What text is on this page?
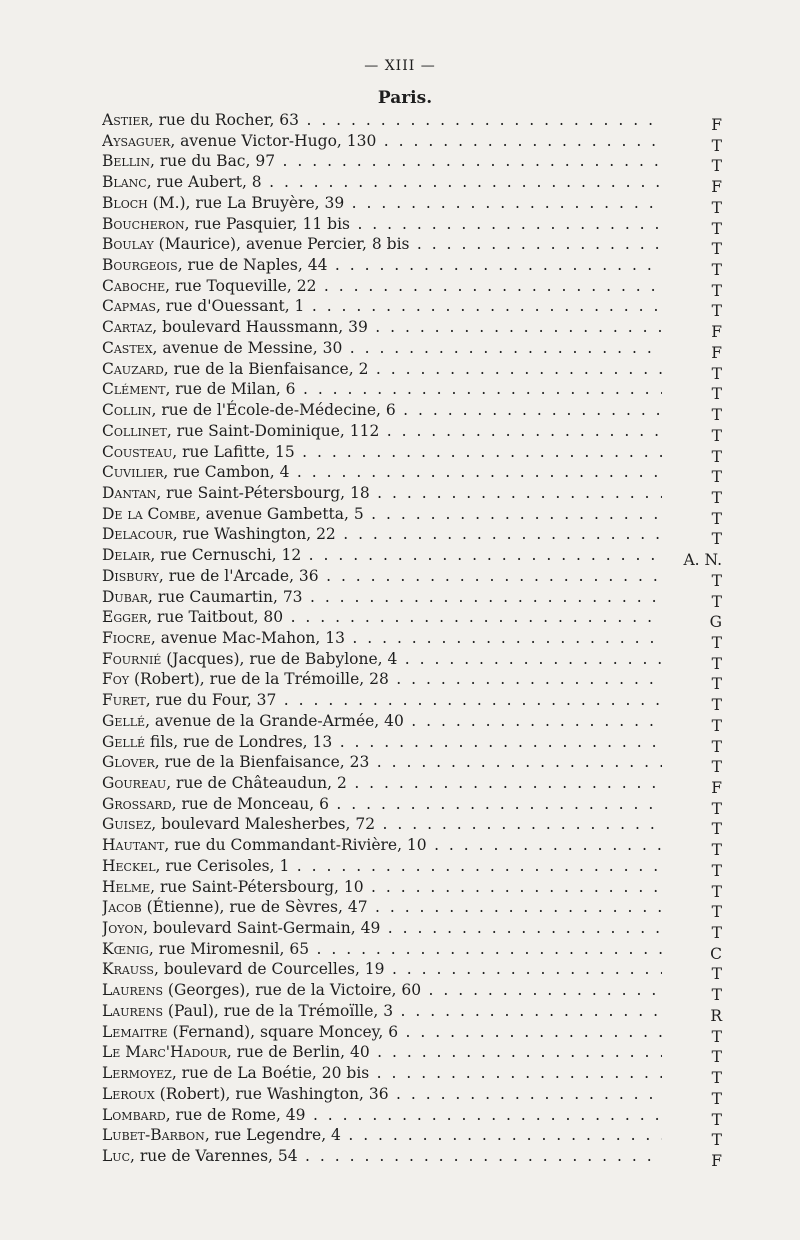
— XIII —
Paris.
Astier, rue du Rocher, 63 . . .	F
Aysaguer, avenue Victor-Hugo, 130 . . .	T
Bellin, rue du Bac, 97 . . .	T
Blanc, rue Aubert, 8 . . .	F
Bloch (M.), rue La Bruyère, 39 . . .	T
Boucheron, rue Pasquier, 11 bis . . .	T
Boulay (Maurice), avenue Percier, 8 bis . . .	T
Bourgeois, rue de Naples, 44 . . .	T
Caboche, rue Toqueville, 22 . . .	T
Capmas, rue d'Ouessant, 1 . . .	T
Cartaz, boulevard Haussmann, 39 . . .	F
Castex, avenue de Messine, 30 . . .	F
Cauzard, rue de la Bienfaisance, 2 . . .	T
Clément, rue de Milan, 6 . . .	T
Collin, rue de l'École-de-Médecine, 6 . . .	T
Collinet, rue Saint-Dominique, 112 . . .	T
Cousteau, rue Lafitte, 15 . . .	T
Cuvilier, rue Cambon, 4 . . .	T
Dantan, rue Saint-Pétersbourg, 18 . . .	T
De la Combe, avenue Gambetta, 5 . . .	T
Delacour, rue Washington, 22 . . .	T
Delair, rue Cernuschi, 12 . . .	A. N.
Disbury, rue de l'Arcade, 36 . . .	T
Dubar, rue Caumartin, 73 . . .	T
Egger, rue Taitbout, 80 . . .	G
Fiocre, avenue Mac-Mahon, 13 . . .	T
Fournié (Jacques), rue de Babylone, 4 . . .	T
Foy (Robert), rue de la Trémoille, 28 . . .	T
Furet, rue du Four, 37 . . .	T
Gellé, avenue de la Grande-Armée, 40 . . .	T
Gellé fils, rue de Londres, 13 . . .	T
Glover, rue de la Bienfaisance, 23 . . .	T
Goureau, rue de Châteaudun, 2 . . .	F
Grossard, rue de Monceau, 6 . . .	T
Guisez, boulevard Malesherbes, 72 . . .	T
Hautant, rue du Commandant-Rivière, 10 . . .	T
Heckel, rue Cerisoles, 1 . . .	T
Helme, rue Saint-Pétersbourg, 10 . . .	T
Jacob (Étienne), rue de Sèvres, 47 . . .	T
Joyon, boulevard Saint-Germain, 49 . . .	T
Kœnig, rue Miromesnil, 65 . . .	C
Krauss, boulevard de Courcelles, 19 . . .	T
Laurens (Georges), rue de la Victoire, 60 . . .	T
Laurens (Paul), rue de la Trémoïlle, 3 . . .	R
Lemaitre (Fernand), square Moncey, 6 . . .	T
Le Marc'Hadour, rue de Berlin, 40 . . .	T
Lermoyez, rue de La Boétie, 20 bis . . .	T
Leroux (Robert), rue Washington, 36 . . .	T
Lombard, rue de Rome, 49 . . .	T
Lubet-Barbon, rue Legendre, 4 . . .	T
Luc, rue de Varennes, 54 . . .	F
